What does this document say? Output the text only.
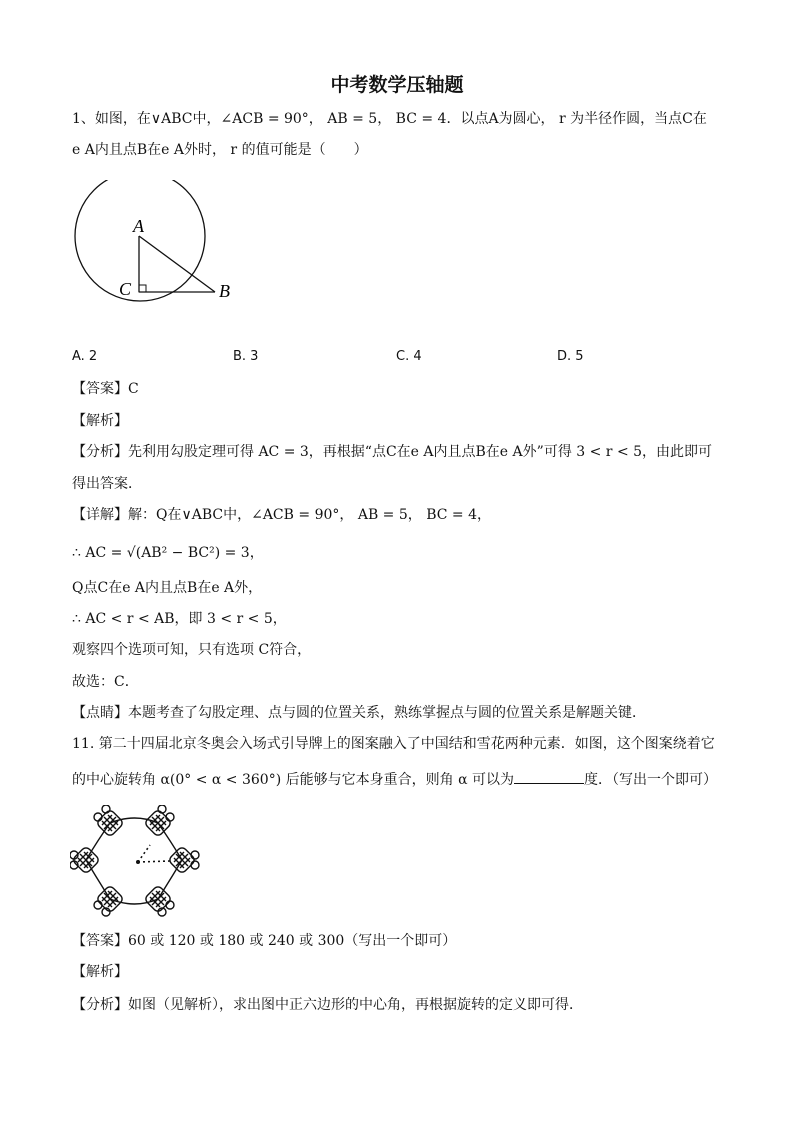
中考数学压轴题
1、如图，在∨ABC中，∠ACB = 90°， AB = 5， BC = 4．以点A为圆心， r 为半径作圆，当点C在
e A内且点B在e A外时， r 的值可能是（　　）
A
C	B
A. 2	B. 3	C. 4	D. 5
【答案】C
【解析】
【分析】先利用勾股定理可得 AC = 3，再根据“点C在e A内且点B在e A外”可得 3 < r < 5，由此即可
得出答案．
【详解】解：Q在∨ABC中，∠ACB = 90°， AB = 5， BC = 4，
∴ AC = √(AB² − BC²) = 3，
Q点C在e A内且点B在e A外，
∴ AC < r < AB，即 3 < r < 5，
观察四个选项可知，只有选项 C符合，
故选：C．
【点睛】本题考查了勾股定理、点与圆的位置关系，熟练掌握点与圆的位置关系是解题关键．
11. 第二十四届北京冬奥会入场式引导牌上的图案融入了中国结和雪花两种元素．如图，这个图案绕着它
的中心旋转角 α(0° < α < 360°) 后能够与它本身重合，则角 α 可以为	度．（写出一个即可）
【答案】60 或 120 或 180 或 240 或 300（写出一个即可）
【解析】
【分析】如图（见解析），求出图中正六边形的中心角，再根据旋转的定义即可得．
